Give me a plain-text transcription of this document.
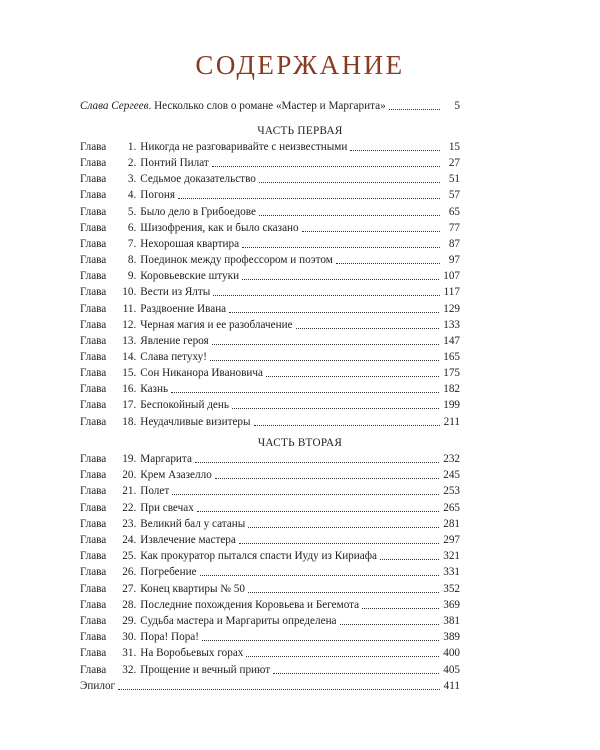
СОДЕРЖАНИЕ
Слава Сергеев. Несколько слов о романе «Мастер и Маргарита»	5
ЧАСТЬ ПЕРВАЯ
Глава	1. Никогда не разговаривайте с неизвестными	15
Глава	2. Понтий Пилат	27
Глава	3. Седьмое доказательство	51
Глава	4. Погоня	57
Глава	5. Было дело в Грибоедове	65
Глава	6. Шизофрения, как и было сказано	77
Глава	7. Нехорошая квартира	87
Глава	8. Поединок между профессором и поэтом	97
Глава	9. Коровьевские штуки	107
Глава	10. Вести из Ялты	117
Глава	11. Раздвоение Ивана	129
Глава	12. Черная магия и ее разоблачение	133
Глава	13. Явление героя	147
Глава	14. Слава петуху!	165
Глава	15. Сон Никанора Ивановича	175
Глава	16. Казнь	182
Глава	17. Беспокойный день	199
Глава	18. Неудачливые визитеры	211
ЧАСТЬ ВТОРАЯ
Глава	19. Маргарита	232
Глава	20. Крем Азазелло	245
Глава	21. Полет	253
Глава	22. При свечах	265
Глава	23. Великий бал у сатаны	281
Глава	24. Извлечение мастера	297
Глава	25. Как прокуратор пытался спасти Иуду из Кириафа	321
Глава	26. Погребение	331
Глава	27. Конец квартиры № 50	352
Глава	28. Последние похождения Коровьева и Бегемота	369
Глава	29. Судьба мастера и Маргариты определена	381
Глава	30. Пора! Пора!	389
Глава	31. На Воробьевых горах	400
Глава	32. Прощение и вечный приют	405
Эпилог	411
